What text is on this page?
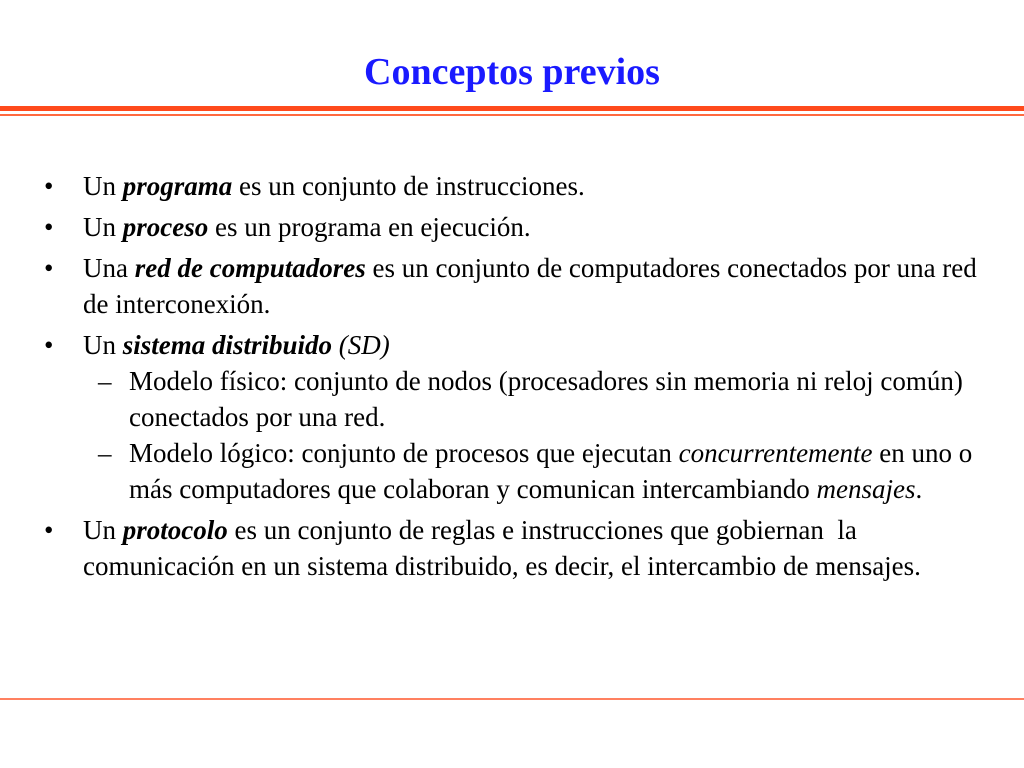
Conceptos previos
• Un programa es un conjunto de instrucciones.
• Un proceso es un programa en ejecución.
• Una red de computadores es un conjunto de computadores conectados por una red de interconexión.
• Un sistema distribuido (SD)
– Modelo físico: conjunto de nodos (procesadores sin memoria ni reloj común) conectados por una red.
– Modelo lógico: conjunto de procesos que ejecutan concurrentemente en uno o más computadores que colaboran y comunican intercambiando mensajes.
• Un protocolo es un conjunto de reglas e instrucciones que gobiernan  la comunicación en un sistema distribuido, es decir, el intercambio de mensajes.
